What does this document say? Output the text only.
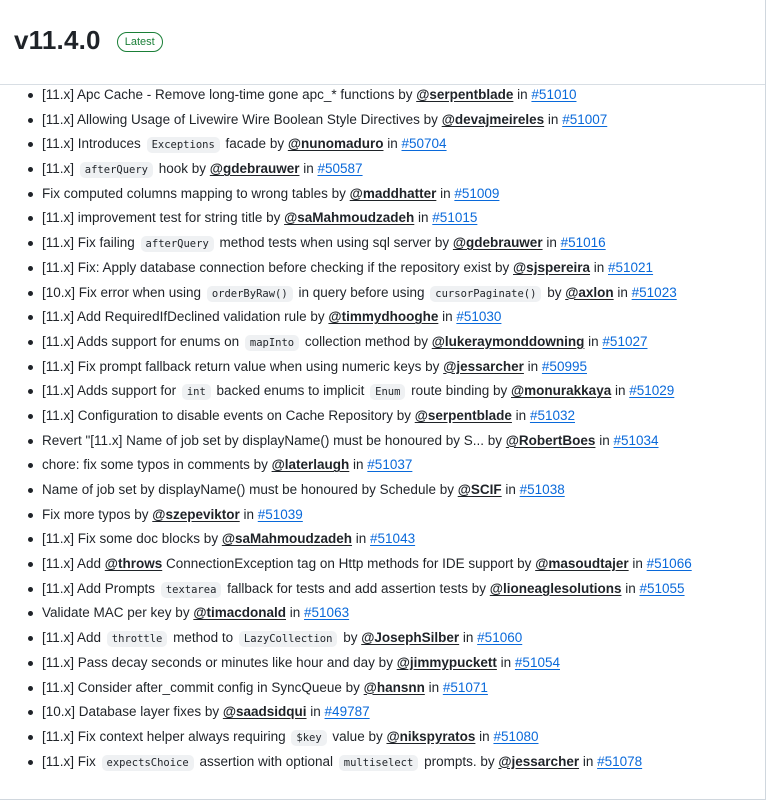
v11.4.0	Latest
[11.x] Apc Cache - Remove long-time gone apc_* functions by @serpentblade in #51010
[11.x] Allowing Usage of Livewire Wire Boolean Style Directives by @devajmeireles in #51007
[11.x] Introduces Exceptions facade by @nunomaduro in #50704
[11.x] afterQuery hook by @gdebrauwer in #50587
Fix computed columns mapping to wrong tables by @maddhatter in #51009
[11.x] improvement test for string title by @saMahmoudzadeh in #51015
[11.x] Fix failing afterQuery method tests when using sql server by @gdebrauwer in #51016
[11.x] Fix: Apply database connection before checking if the repository exist by @sjspereira in #51021
[10.x] Fix error when using orderByRaw() in query before using cursorPaginate() by @axlon in #51023
[11.x] Add RequiredIfDeclined validation rule by @timmydhooghe in #51030
[11.x] Adds support for enums on mapInto collection method by @lukeraymonddowning in #51027
[11.x] Fix prompt fallback return value when using numeric keys by @jessarcher in #50995
[11.x] Adds support for int backed enums to implicit Enum route binding by @monurakkaya in #51029
[11.x] Configuration to disable events on Cache Repository by @serpentblade in #51032
Revert "[11.x] Name of job set by displayName() must be honoured by S... by @RobertBoes in #51034
chore: fix some typos in comments by @laterlaugh in #51037
Name of job set by displayName() must be honoured by Schedule by @SCIF in #51038
Fix more typos by @szepeviktor in #51039
[11.x] Fix some doc blocks by @saMahmoudzadeh in #51043
[11.x] Add @throws ConnectionException tag on Http methods for IDE support by @masoudtajer in #51066
[11.x] Add Prompts textarea fallback for tests and add assertion tests by @lioneaglesolutions in #51055
Validate MAC per key by @timacdonald in #51063
[11.x] Add throttle method to LazyCollection by @JosephSilber in #51060
[11.x] Pass decay seconds or minutes like hour and day by @jimmypuckett in #51054
[11.x] Consider after_commit config in SyncQueue by @hansnn in #51071
[10.x] Database layer fixes by @saadsidqui in #49787
[11.x] Fix context helper always requiring $key value by @nikspyratos in #51080
[11.x] Fix expectsChoice assertion with optional multiselect prompts. by @jessarcher in #51078
